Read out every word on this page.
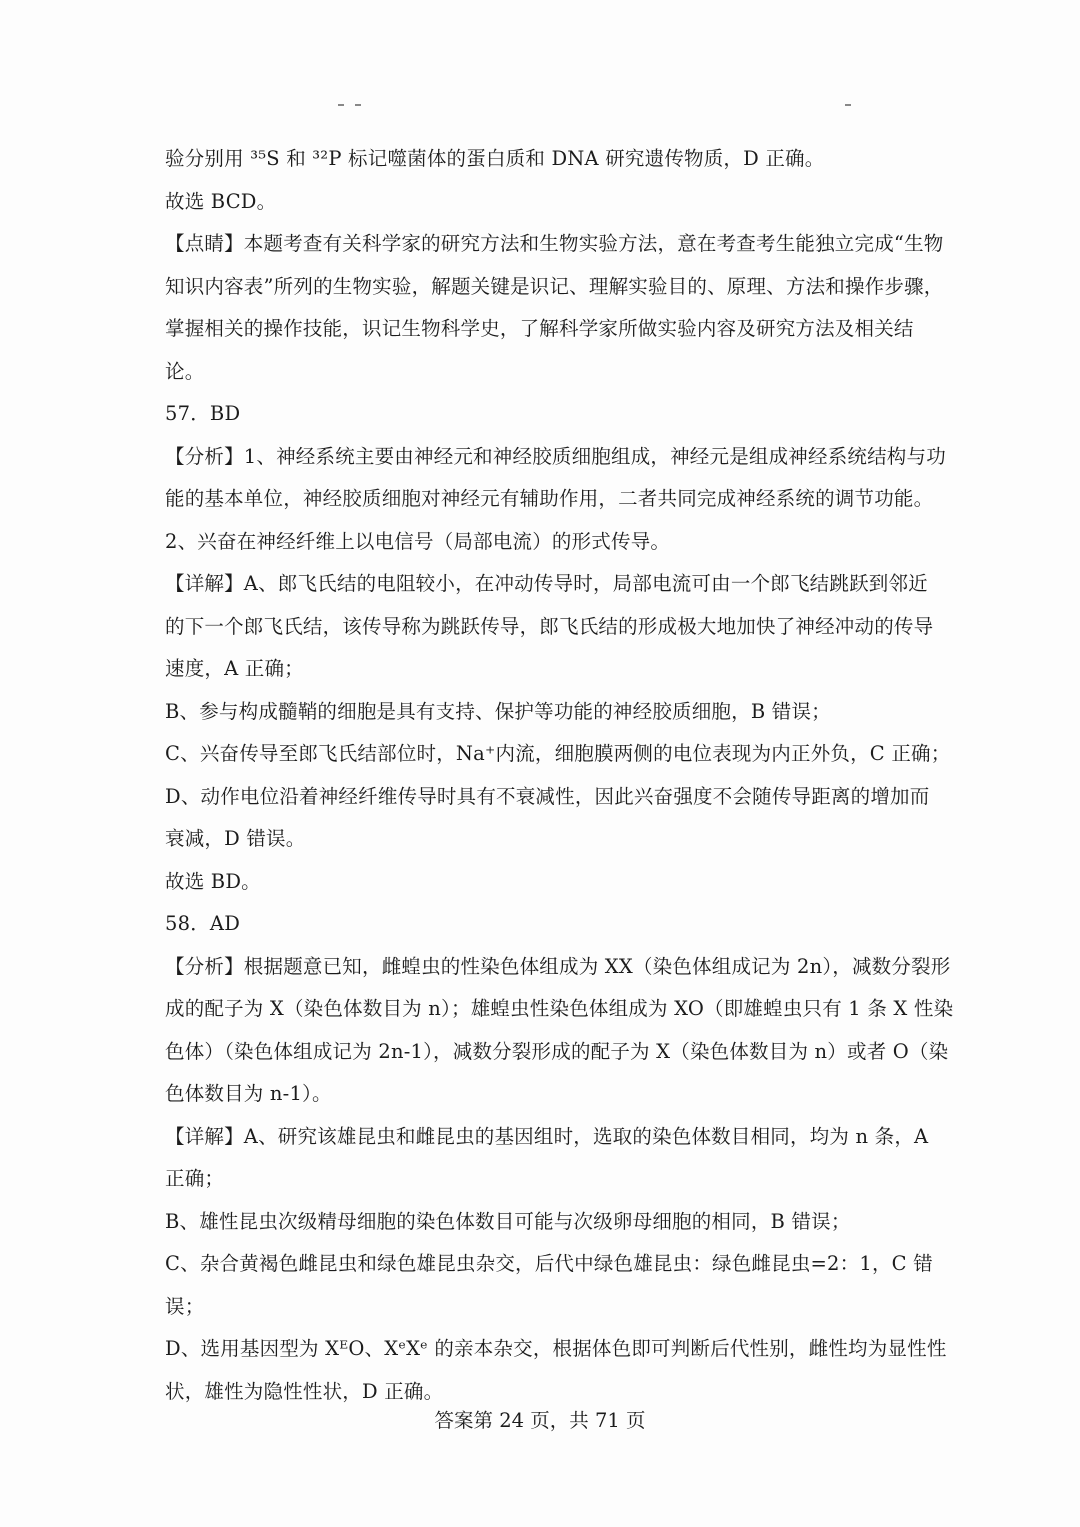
验分别用 ³⁵S 和 ³²P 标记噬菌体的蛋白质和 DNA 研究遗传物质，D 正确。
故选 BCD。
【点睛】本题考查有关科学家的研究方法和生物实验方法，意在考查考生能独立完成“生物
知识内容表”所列的生物实验，解题关键是识记、理解实验目的、原理、方法和操作步骤，
掌握相关的操作技能，识记生物科学史，了解科学家所做实验内容及研究方法及相关结
论。
57．BD
【分析】1、神经系统主要由神经元和神经胶质细胞组成，神经元是组成神经系统结构与功
能的基本单位，神经胶质细胞对神经元有辅助作用，二者共同完成神经系统的调节功能。
2、兴奋在神经纤维上以电信号（局部电流）的形式传导。
【详解】A、郎飞氏结的电阻较小，在冲动传导时，局部电流可由一个郎飞结跳跃到邻近
的下一个郎飞氏结，该传导称为跳跃传导，郎飞氏结的形成极大地加快了神经冲动的传导
速度，A 正确；
B、参与构成髓鞘的细胞是具有支持、保护等功能的神经胶质细胞，B 错误；
C、兴奋传导至郎飞氏结部位时，Na⁺内流，细胞膜两侧的电位表现为内正外负，C 正确；
D、动作电位沿着神经纤维传导时具有不衰减性，因此兴奋强度不会随传导距离的增加而
衰减，D 错误。
故选 BD。
58．AD
【分析】根据题意已知，雌蝗虫的性染色体组成为 XX（染色体组成记为 2n），减数分裂形
成的配子为 X（染色体数目为 n）；雄蝗虫性染色体组成为 XO（即雄蝗虫只有 1 条 X 性染
色体）（染色体组成记为 2n-1），减数分裂形成的配子为 X（染色体数目为 n）或者 O（染
色体数目为 n-1）。
【详解】A、研究该雄昆虫和雌昆虫的基因组时，选取的染色体数目相同，均为 n 条，A
正确；
B、雄性昆虫次级精母细胞的染色体数目可能与次级卵母细胞的相同，B 错误；
C、杂合黄褐色雌昆虫和绿色雄昆虫杂交，后代中绿色雄昆虫：绿色雌昆虫=2：1，C 错
误；
D、选用基因型为 XᴱO、XᵉXᵉ 的亲本杂交，根据体色即可判断后代性别，雌性均为显性性
状，雄性为隐性性状，D 正确。
答案第 24 页，共 71 页
